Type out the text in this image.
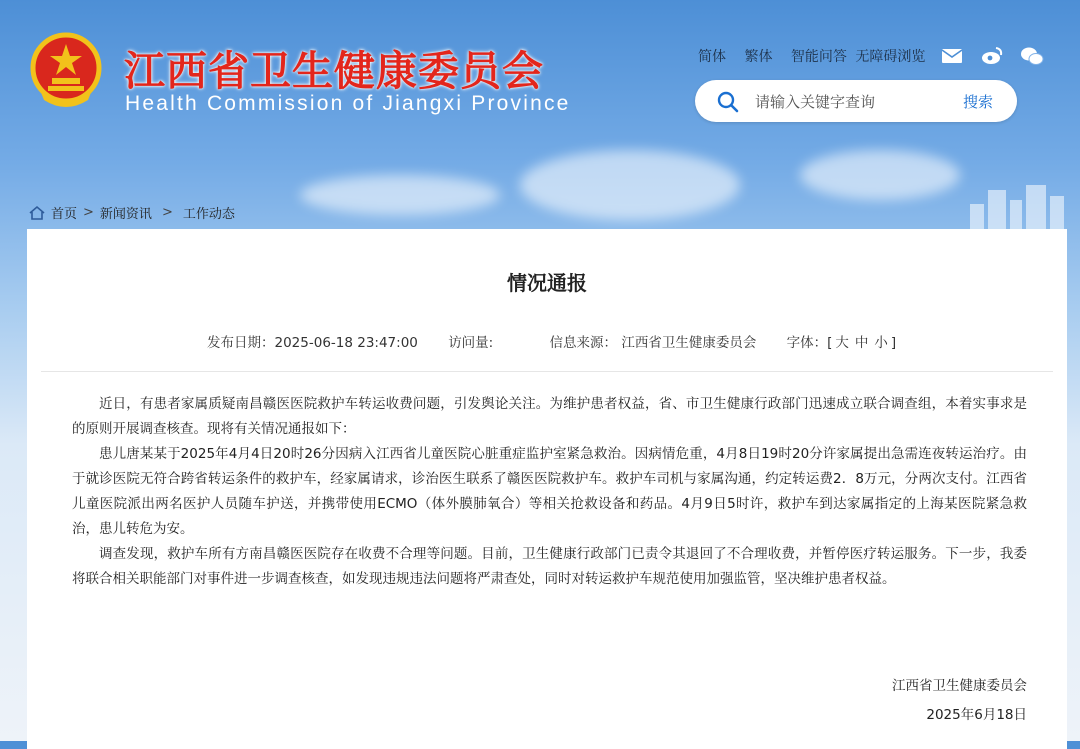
江西省卫生健康委员会
Health Commission of Jiangxi Province
简体 繁体 智能问答 无障碍浏览
请输入关键字查询
搜索
首页 > 新闻资讯 > 工作动态
情况通报
发布日期：2025-06-18 23:47:00 访问量:	信息来源： 江西省卫生健康委员会 字体：[ 大 中 小 ]

近日，有患者家属质疑南昌赣医医院救护车转运收费问题，引发舆论关注。为维护患者权益，省、市卫生健康行政部门迅速成立联合调查组，本着实事求是的原则开展调查核查。现将有关情况通报如下：

患儿唐某某于2025年4月4日20时26分因病入江西省儿童医院心脏重症监护室紧急救治。因病情危重，4月8日19时20分许家属提出急需连夜转运治疗。由于就诊医院无符合跨省转运条件的救护车，经家属请求，诊治医生联系了赣医医院救护车。救护车司机与家属沟通，约定转运费2．8万元，分两次支付。江西省儿童医院派出两名医护人员随车护送，并携带使用ECMO（体外膜肺氧合）等相关抢救设备和药品。4月9日5时许，救护车到达家属指定的上海某医院紧急救治，患儿转危为安。

调查发现，救护车所有方南昌赣医医院存在收费不合理等问题。目前，卫生健康行政部门已责令其退回了不合理收费，并暂停医疗转运服务。下一步，我委将联合相关职能部门对事件进一步调查核查，如发现违规违法问题将严肃查处，同时对转运救护车规范使用加强监管，坚决维护患者权益。

江西省卫生健康委员会
2025年6月18日
